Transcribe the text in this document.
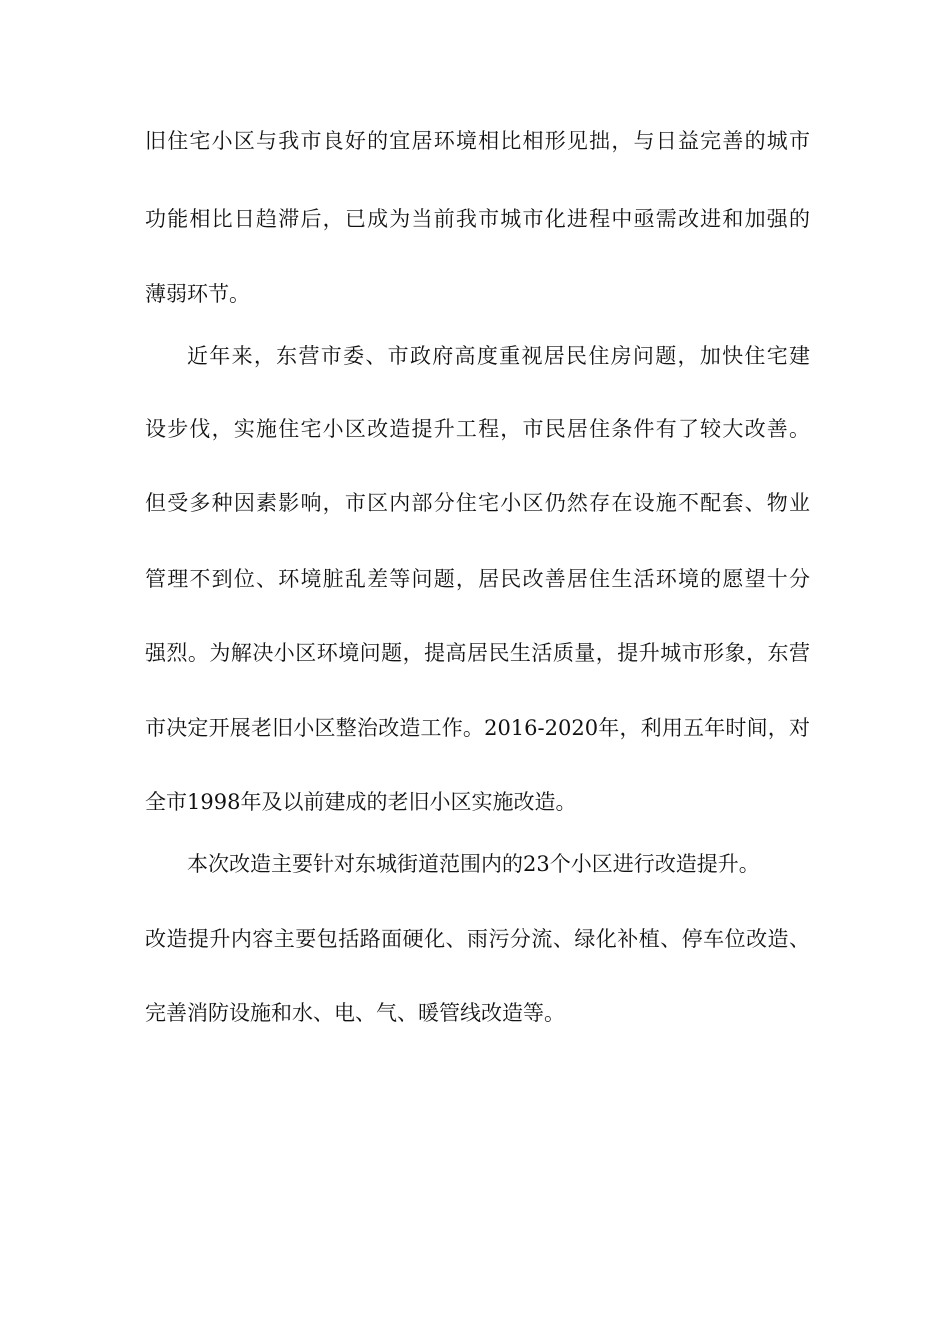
旧住宅小区与我市良好的宜居环境相比相形见拙，与日益完善的城市
功能相比日趋滞后，已成为当前我市城市化进程中亟需改进和加强的
薄弱环节。
近年来，东营市委、市政府高度重视居民住房问题，加快住宅建
设步伐，实施住宅小区改造提升工程，市民居住条件有了较大改善。
但受多种因素影响，市区内部分住宅小区仍然存在设施不配套、物业
管理不到位、环境脏乱差等问题，居民改善居住生活环境的愿望十分
强烈。为解决小区环境问题，提高居民生活质量，提升城市形象，东营
市决定开展老旧小区整治改造工作。2016-2020年，利用五年时间，对
全市1998年及以前建成的老旧小区实施改造。
本次改造主要针对东城街道范围内的23个小区进行改造提升。
改造提升内容主要包括路面硬化、雨污分流、绿化补植、停车位改造、
完善消防设施和水、电、气、暖管线改造等。
